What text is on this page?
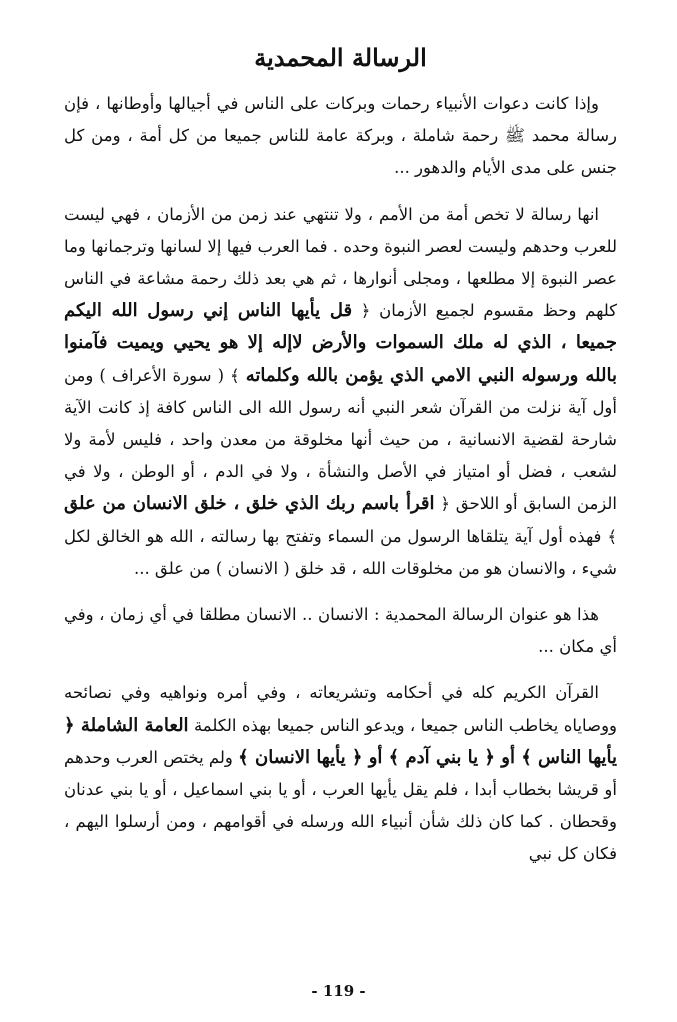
الرسالة المحمدية

وإذا كانت دعوات الأنبياء رحمات وبركات على الناس في أجيالها وأوطانها ، فإن رسالة محمد ﷺ رحمة شاملة ، وبركة عامة للناس جميعا من كل أمة ، ومن كل جنس على مدى الأيام والدهور ...

انها رسالة لا تخص أمة من الأمم ، ولا تنتهي عند زمن من الأزمان ، فهي ليست للعرب وحدهم وليست لعصر النبوة وحده . فما العرب فيها إلا لسانها وترجمانها وما عصر النبوة إلا مطلعها ، ومجلى أنوارها ، ثم هي بعد ذلك رحمة مشاعة في الناس كلهم وحظ مقسوم لجميع الأزمان ﴿ قل يأيها الناس إني رسول الله اليكم جميعا ، الذي له ملك السموات والأرض لاإله إلا هو يحيي ويميت فآمنوا بالله ورسوله النبي الامي الذي يؤمن بالله وكلماته ﴾ ( سورة الأعراف ) ومن أول آية نزلت من القرآن شعر النبي أنه رسول الله الى الناس كافة إذ كانت الآية شارحة لقضية الانسانية ، من حيث أنها مخلوقة من معدن واحد ، فليس لأمة ولا لشعب ، فضل أو امتياز في الأصل والنشأة ، ولا في الدم ، أو الوطن ، ولا في الزمن السابق أو اللاحق ﴿ اقرأ باسم ربك الذي خلق ، خلق الانسان من علق ﴾ فهذه أول آية يتلقاها الرسول من السماء وتفتح بها رسالته ، الله هو الخالق لكل شيء ، والانسان هو من مخلوقات الله ، قد خلق ( الانسان ) من علق ...

هذا هو عنوان الرسالة المحمدية : الانسان .. الانسان مطلقا في أي زمان ، وفي أي مكان ...

القرآن الكريم كله في أحكامه وتشريعاته ، وفي أمره ونواهيه وفي نصائحه ووصاياه يخاطب الناس جميعا ، ويدعو الناس جميعا بهذه الكلمة العامة الشاملة ﴿ يأيها الناس ﴾ أو ﴿ يا بني آدم ﴾ أو ﴿ يأيها الانسان ﴾ ولم يختص العرب وحدهم أو قريشا بخطاب أبدا ، فلم يقل يأيها العرب ، أو يا بني اسماعيل ، أو يا بني عدنان وقحطان . كما كان ذلك شأن أنبياء الله ورسله في أقوامهم ، ومن أرسلوا اليهم ، فكان كل نبي

- 119 -
